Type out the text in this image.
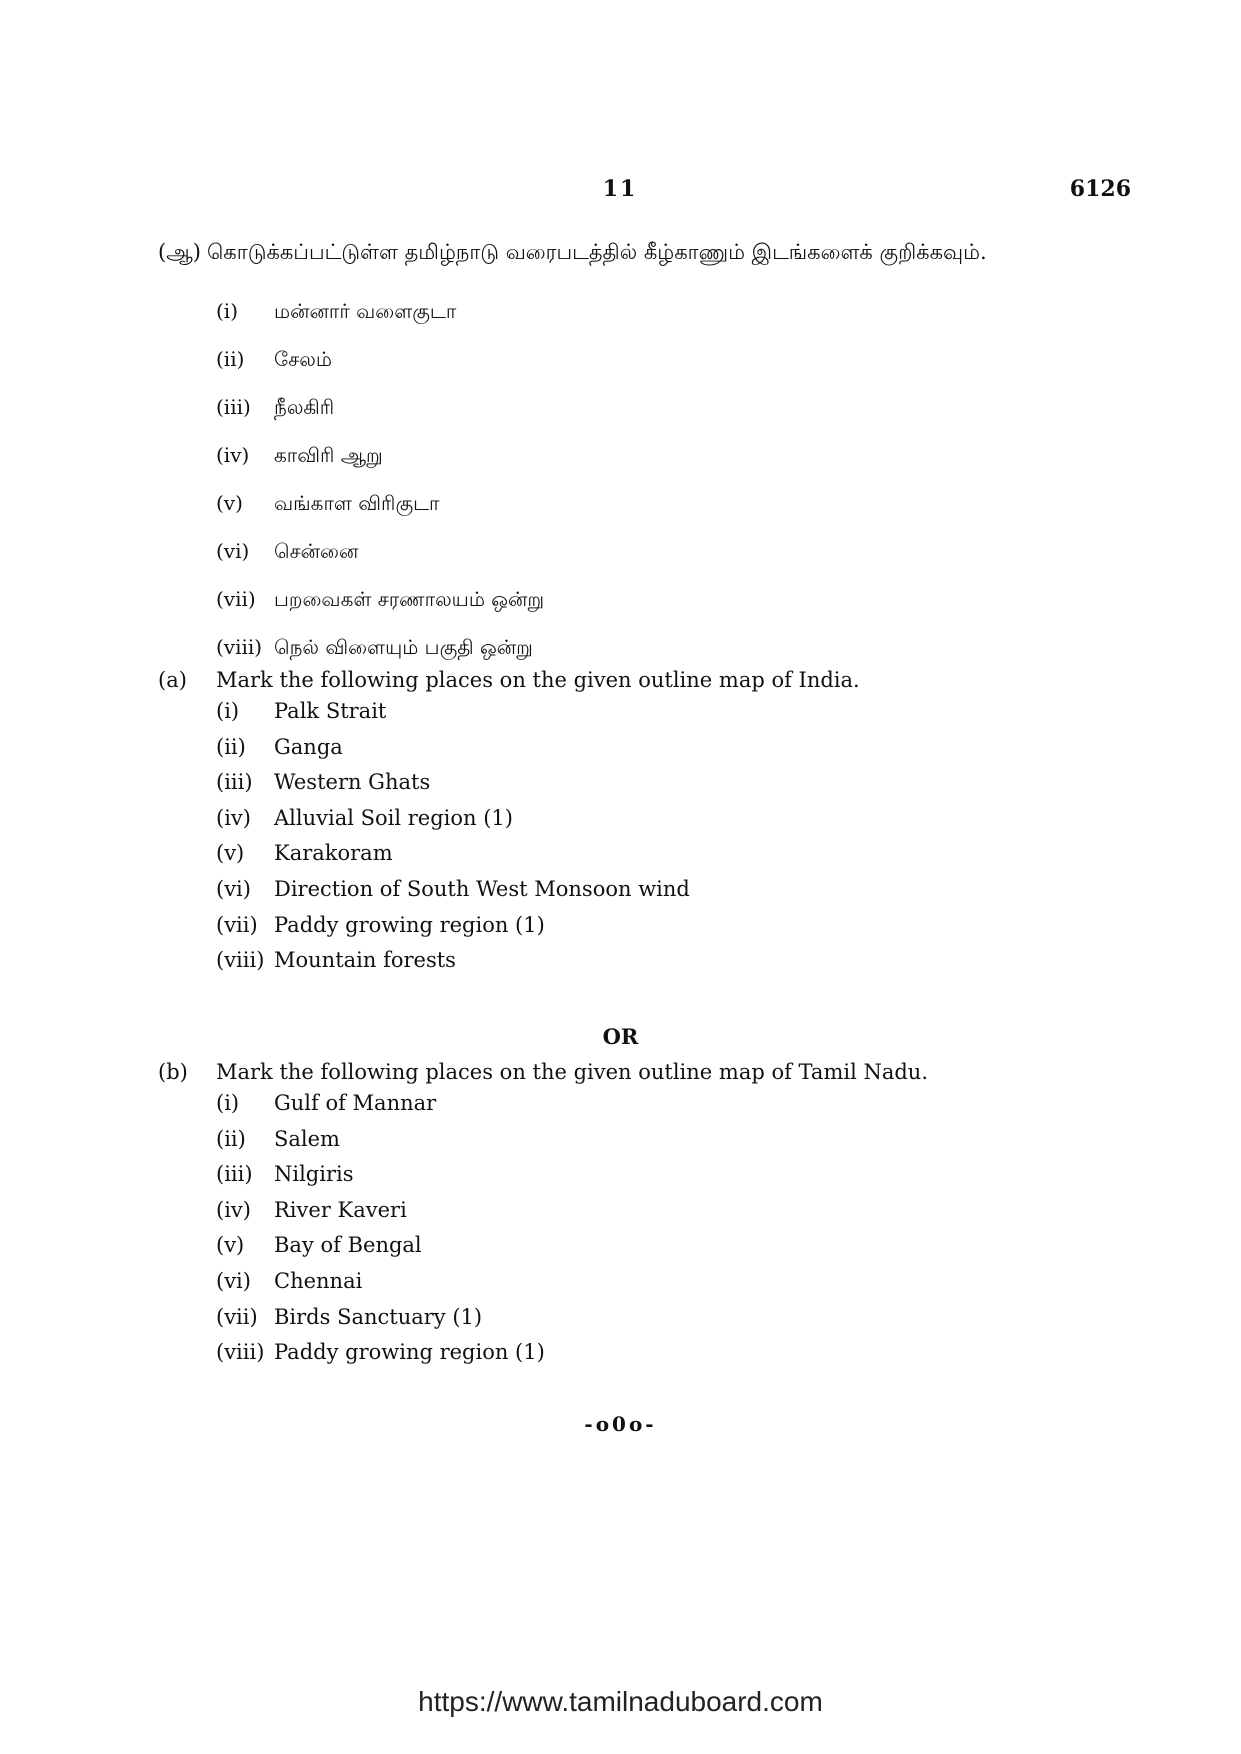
11	6126
(ஆ) கொடுக்கப்பட்டுள்ள தமிழ்நாடு வரைபடத்தில் கீழ்காணும் இடங்களைக் குறிக்கவும்.
(i)	மன்னார் வளைகுடா
(ii)	சேலம்
(iii)	நீலகிரி
(iv)	காவிரி ஆறு
(v)	வங்காள விரிகுடா
(vi)	சென்னை
(vii) பறவைகள் சரணாலயம் ஒன்று
(viii) நெல் விளையும் பகுதி ஒன்று
(a)	Mark the following places on the given outline map of India.
(i)	Palk Strait
(ii)	Ganga
(iii)	Western Ghats
(iv)	Alluvial Soil region (1)
(v)	Karakoram
(vi)	Direction of South West Monsoon wind
(vii) Paddy growing region (1)
(viii) Mountain forests
OR
(b)	Mark the following places on the given outline map of Tamil Nadu.
(i)	Gulf of Mannar
(ii)	Salem
(iii)	Nilgiris
(iv)	River Kaveri
(v)	Bay of Bengal
(vi)	Chennai
(vii) Birds Sanctuary (1)
(viii) Paddy growing region (1)
-o0o-
https://www.tamilnaduboard.com
